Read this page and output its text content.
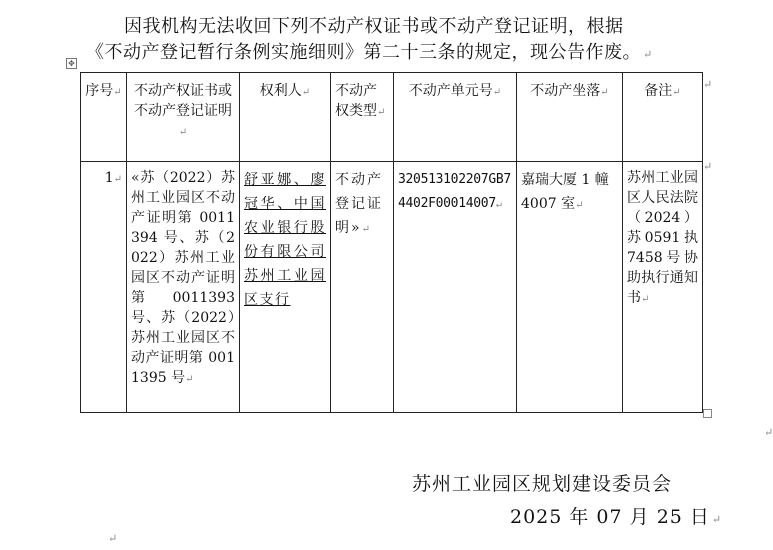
因我机构无法收回下列不动产权证书或不动产登记证明，根据

《不动产登记暂行条例实施细则》第二十三条的规定，现公告作废。 ↵

✥
序号↵	不动产权证书或不动产登记证明↵	权利人↵	不动产权类型↵	不动产单元号↵	不动产坐落↵	备注↵
1↵	«苏（2022）苏州工业园区不动产证明第 0011394 号、苏（2022）苏州工业园区不动产证明第 0011393 号、苏（2022）苏州工业园区不动产证明第 0011395 号↵	舒亚娜、廖冠华、中国农业银行股份有限公司苏州工业园区支行	不动产登记证明»↵	320513102207GB74402F00014007↵	嘉瑞大厦 1 幢 4007 室↵	苏州工业园区人民法院（2024）苏0591执7458号协助执行通知书↵
↵
↵
↵
苏州工业园区规划建设委员会
2025 年 07 月 25 日 ↵
↵
